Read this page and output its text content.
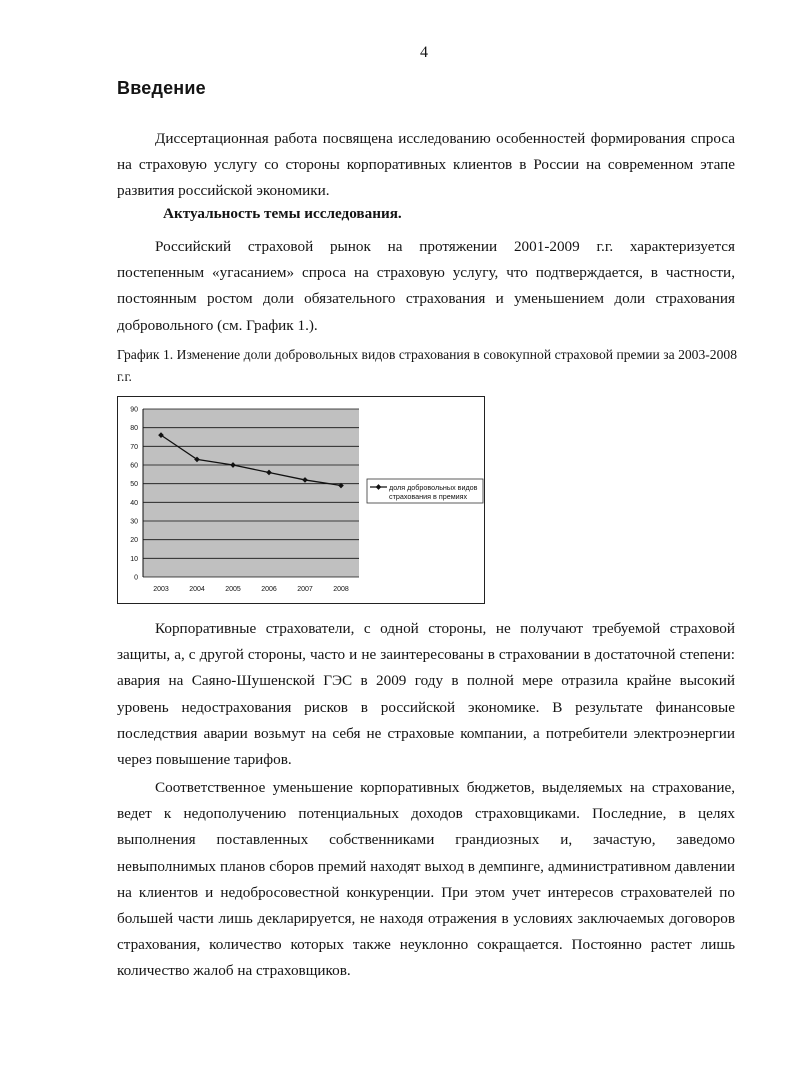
4
Введение

Диссертационная работа посвящена исследованию особенностей формирования спроса на страховую услугу со стороны корпоративных клиентов в России на современном этапе развития российской экономики.

Актуальность темы исследования.

Российский страховой рынок на протяжении 2001-2009 г.г. характеризуется постепенным «угасанием» спроса на страховую услугу, что подтверждается, в частности, постоянным ростом доли обязательного страхования и уменьшением доли страхования добровольного (см. График 1.).

График 1. Изменение доли добровольных видов страхования в совокупной страховой премии за 2003-2008 г.г.

0
10
20
30
40
50
60
70
80
90
2003	2004	2005	2006	2007	2008
доля добровольных видов
страхования в премиях

Корпоративные страхователи, с одной стороны, не получают требуемой страховой защиты, а, с другой стороны, часто и не заинтересованы в страховании в достаточной степени: авария на Саяно-Шушенской ГЭС в 2009 году в полной мере отразила крайне высокий уровень недострахования рисков в российской экономике. В результате финансовые последствия аварии возьмут на себя не страховые компании, а потребители электроэнергии через повышение тарифов.

Соответственное уменьшение корпоративных бюджетов, выделяемых на страхование, ведет к недополучению потенциальных доходов страховщиками. Последние, в целях выполнения поставленных собственниками грандиозных и, зачастую, заведомо невыполнимых планов сборов премий находят выход в демпинге, административном давлении на клиентов и недобросовестной конкуренции. При этом учет интересов страхователей по большей части лишь декларируется, не находя отражения в условиях заключаемых договоров страхования, количество которых также неуклонно сокращается. Постоянно растет лишь количество жалоб на страховщиков.
